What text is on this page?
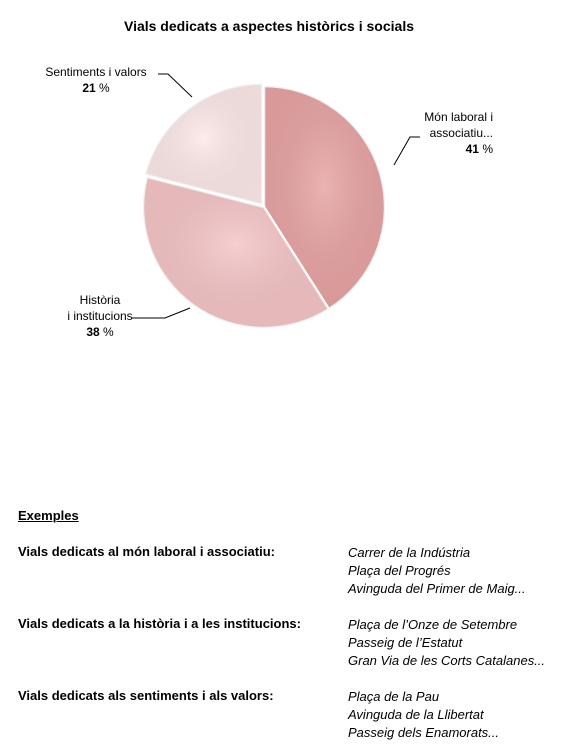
Vials dedicats a aspectes històrics i socials
Món laboral i associatiu... 41 %
Història i institucions 38 %
Sentiments i valors 21 %
Exemples
Vials dedicats al món laboral i associatiu:	Carrer de la Indústria
Plaça del Progrés
Avinguda del Primer de Maig...
Vials dedicats a la història i a les institucions:	Plaça de l’Onze de Setembre
Passeig de l’Estatut
Gran Via de les Corts Catalanes...
Vials dedicats als sentiments i als valors:	Plaça de la Pau
Avinguda de la Llibertat
Passeig dels Enamorats...
